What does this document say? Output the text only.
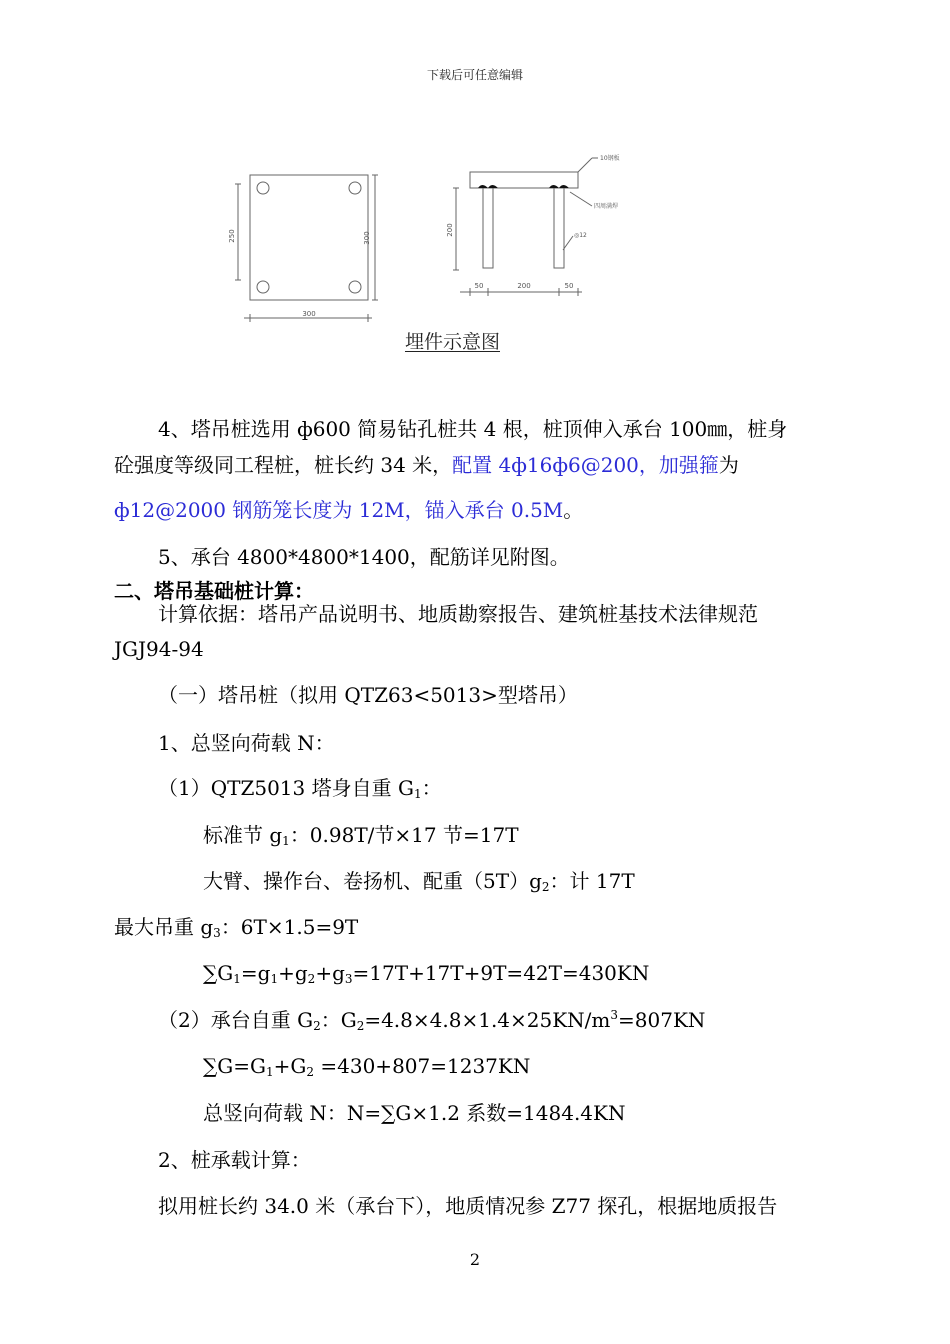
下载后可任意编辑
300
250	300
10钢板
四周满焊
◎12
200
50	200	50
埋件示意图
4、塔吊桩选用 ф600 简易钻孔桩共 4 根，桩顶伸入承台 100㎜，桩身
砼强度等级同工程桩，桩长约 34 米，配置 4ф16ф6@200，加强箍为
ф12@2000 钢筋笼长度为 12M，锚入承台 0.5M。
5、承台 4800*4800*1400，配筋详见附图。
二、塔吊基础桩计算：
计算依据：塔吊产品说明书、地质勘察报告、建筑桩基技术法律规范
JGJ94-94
（一）塔吊桩（拟用 QTZ63<5013>型塔吊）
1、总竖向荷载 N：
（1）QTZ5013 塔身自重 $G_1$：
标准节 $g_1$：0.98T/节×17 节=17T
大臂、操作台、卷扬机、配重$(5T)g_2$：计 17T
最大吊重 $g_3$：6T×1.5=9T
$\sum G_1=g_1+g_2+g_3=17T+17T+9T=42T=430KN$
（2）承台自重 $G_2$：$G_2=4.8\times 4.8\times 1.4\times 25KN/m^3=807KN$
$\sum G=G_1+G_2 =430+807=1237KN$
总竖向荷载 N：N=∑G×1.2 系数=1484.4KN
2、桩承载计算：
拟用桩长约 34.0 米（承台下），地质情况参 Z77 探孔，根据地质报告
2
